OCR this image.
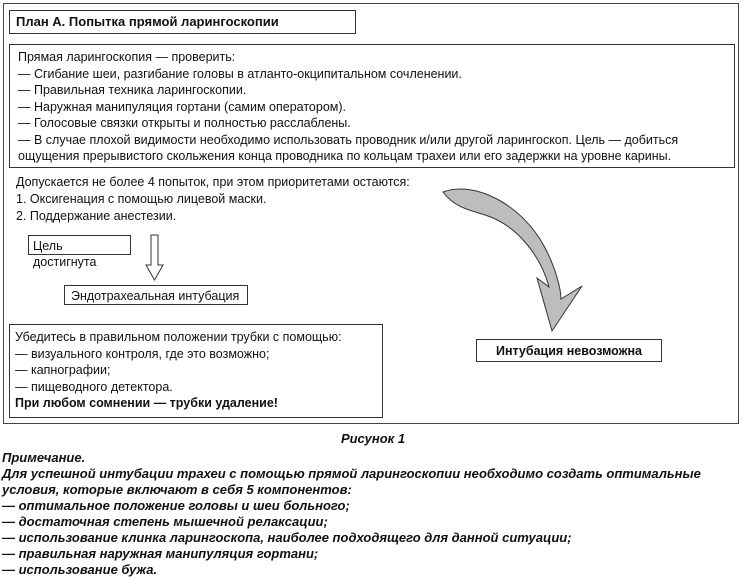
План А. Попытка прямой ларингоскопии
Прямая ларингоскопия — проверить:
— Сгибание шеи, разгибание головы в атланто-окципитальном сочленении.
— Правильная техника ларингоскопии.
— Наружная манипуляция гортани (самим оператором).
— Голосовые связки открыты и полностью расслаблены.
— В случае плохой видимости необходимо использовать проводник и/или другой ларингоскоп. Цель — добиться
ощущения прерывистого скольжения конца проводника по кольцам трахеи или его задержки на уровне карины.
Допускается не более 4 попыток, при этом приоритетами остаются:
1. Оксигенация с помощью лицевой маски.
2. Поддержание анестезии.
Цель достигнута
Эндотрахеальная интубация
Убедитесь в правильном положении трубки с помощью:
— визуального контроля, где это возможно;
— капнографии;
— пищеводного детектора.
При любом сомнении — трубки удаление!
Интубация невозможна
Рисунок 1
Примечание.
Для успешной интубации трахеи с помощью прямой ларингоскопии необходимо создать оптимальные
условия, которые включают в себя 5 компонентов:
— оптимальное положение головы и шеи больного;
— достаточная степень мышечной релаксации;
— использование клинка ларингоскопа, наиболее подходящего для данной ситуации;
— правильная наружная манипуляция гортани;
— использование бужа.
